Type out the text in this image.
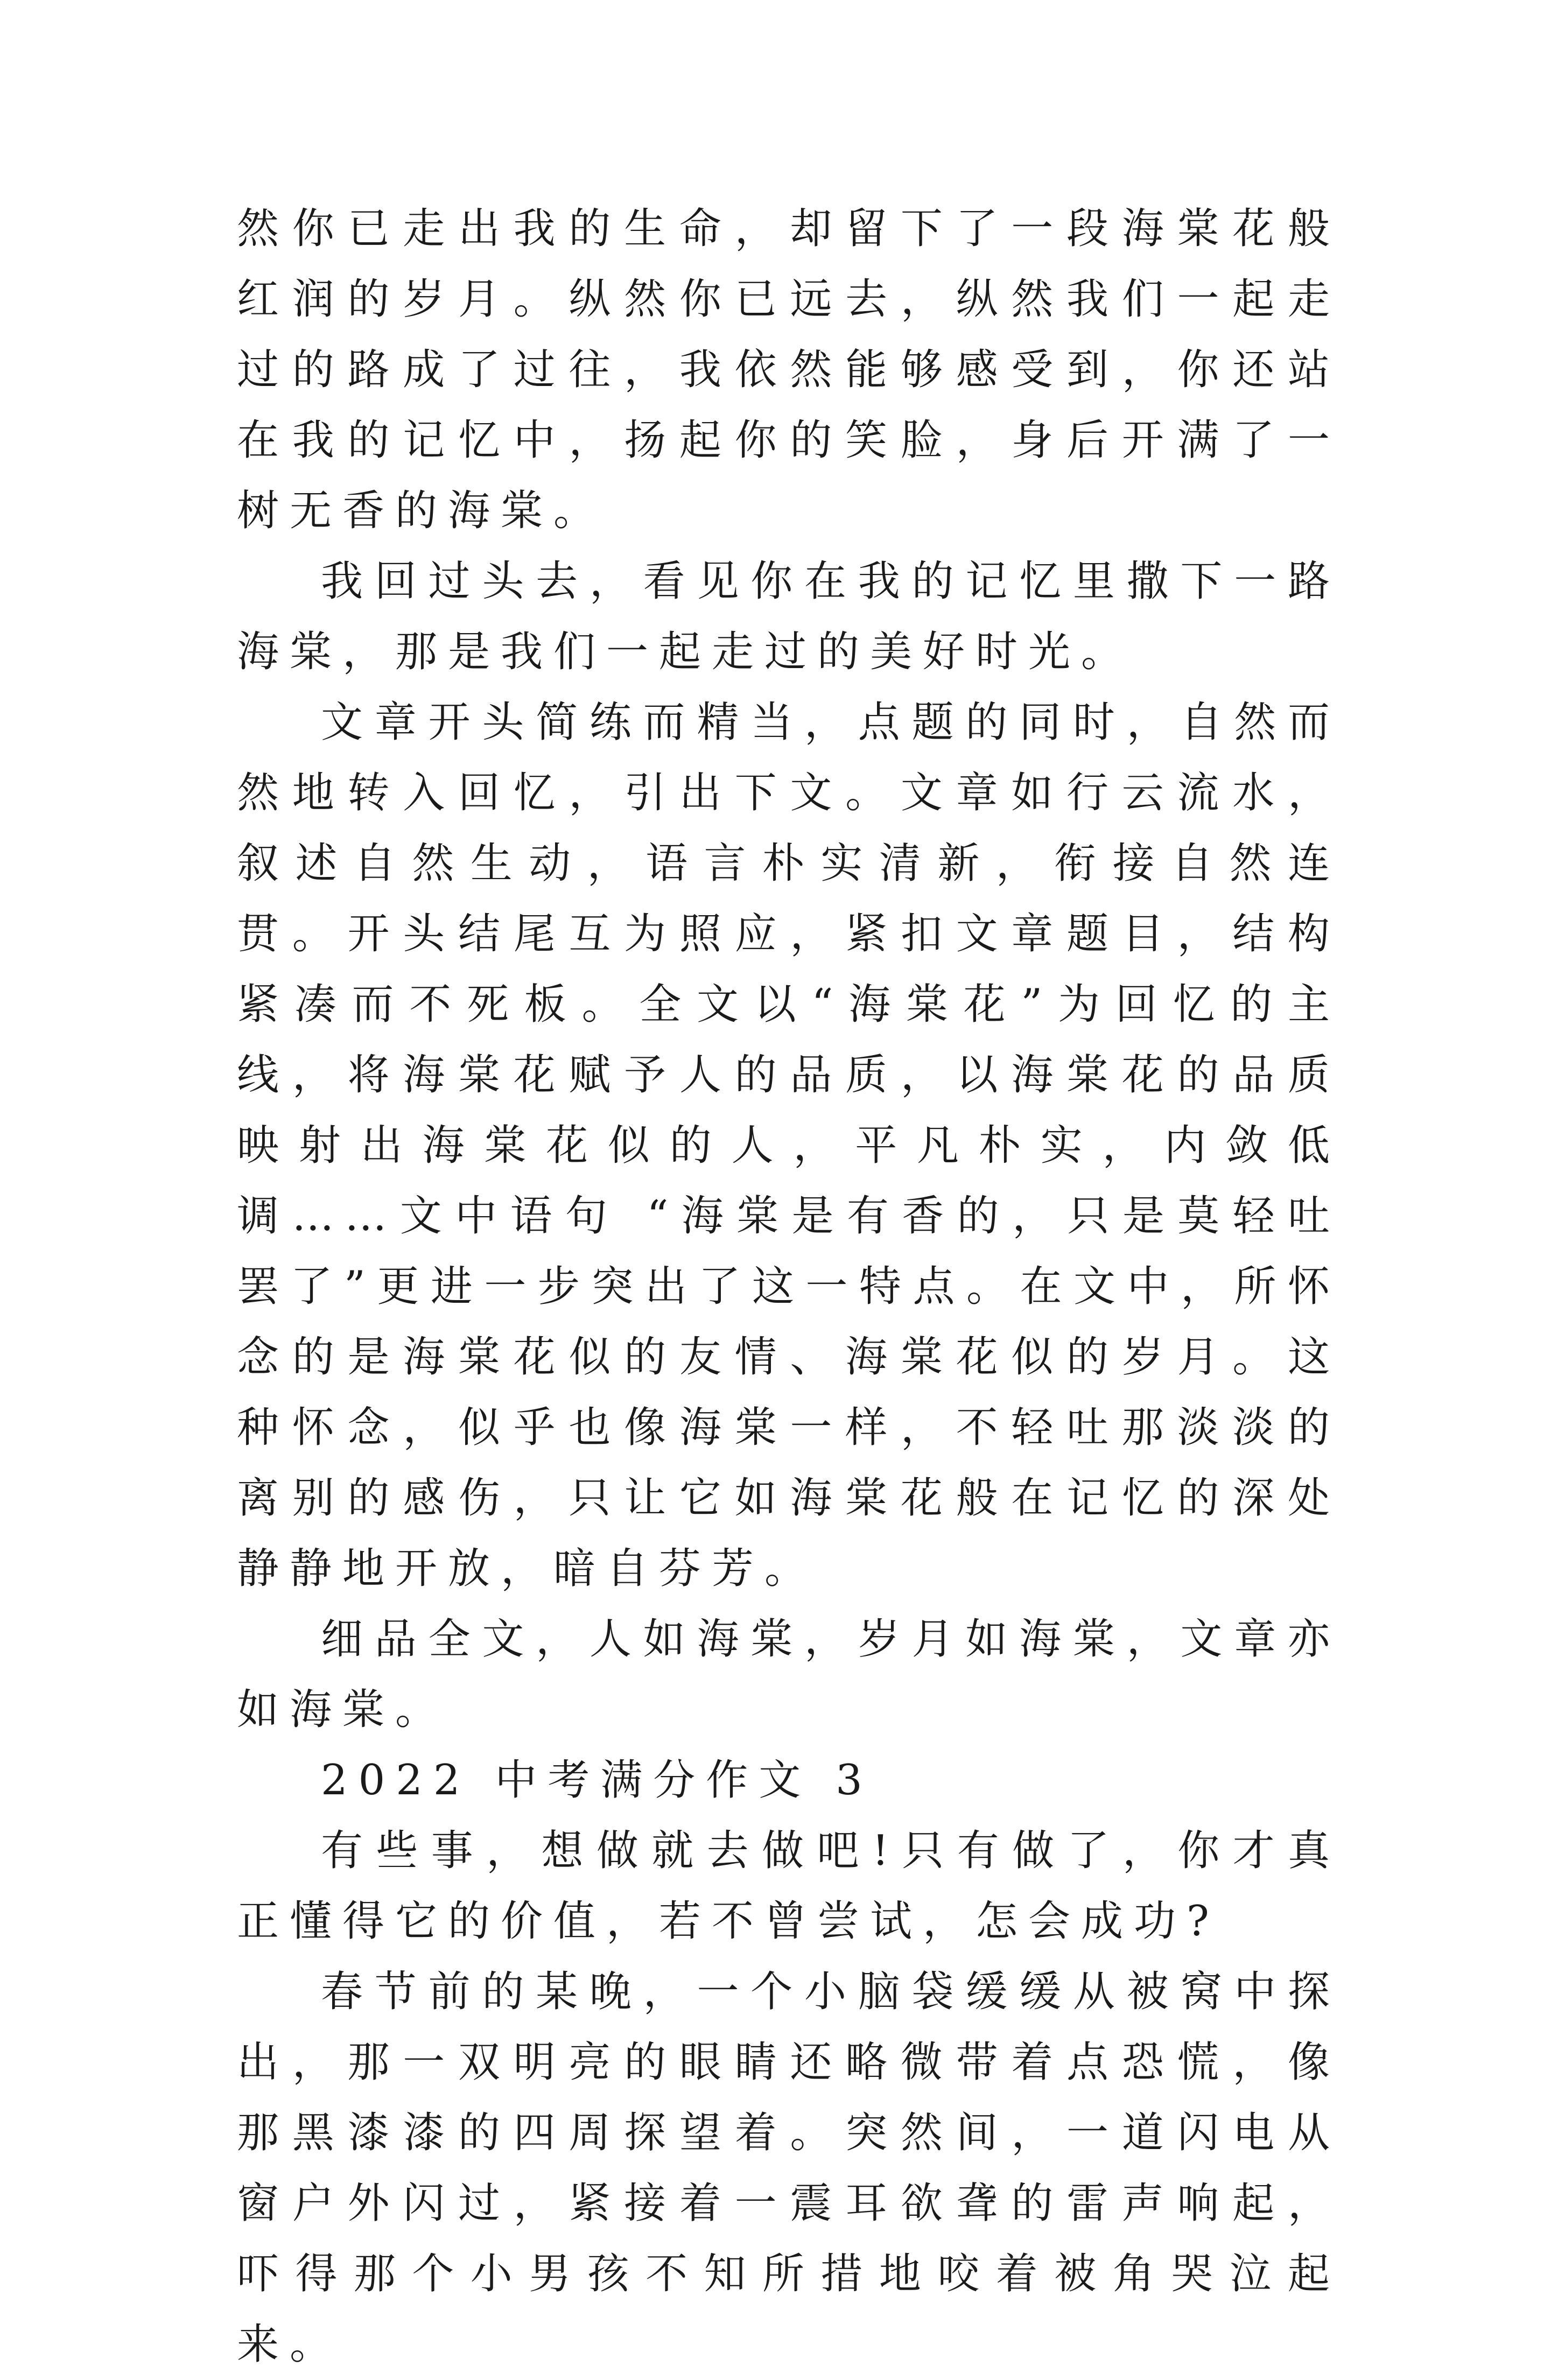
然你已走出我的生命，却留下了一段海棠花般红润的岁月。纵然你已远去，纵然我们一起走过的路成了过往，我依然能够感受到，你还站在我的记忆中，扬起你的笑脸，身后开满了一树无香的海棠。

我回过头去，看见你在我的记忆里撒下一路海棠，那是我们一起走过的美好时光。

文章开头简练而精当，点题的同时，自然而然地转入回忆，引出下文。文章如行云流水，叙述自然生动，语言朴实清新，衔接自然连贯。开头结尾互为照应，紧扣文章题目，结构紧凑而不死板。全文以“海棠花”为回忆的主线，将海棠花赋予人的品质，以海棠花的品质映射出海棠花似的人，平凡朴实，内敛低调……文中语句 “海棠是有香的，只是莫轻吐罢了”更进一步突出了这一特点。在文中，所怀念的是海棠花似的友情、海棠花似的岁月。这种怀念，似乎也像海棠一样，不轻吐那淡淡的离别的感伤，只让它如海棠花般在记忆的深处静静地开放，暗自芬芳。

细品全文，人如海棠，岁月如海棠，文章亦如海棠。

2022 中考满分作文 3

有些事，想做就去做吧!只有做了，你才真正懂得它的价值，若不曾尝试，怎会成功?

春节前的某晚，一个小脑袋缓缓从被窝中探出，那一双明亮的眼睛还略微带着点恐慌，像那黑漆漆的四周探望着。突然间，一道闪电从窗户外闪过，紧接着一震耳欲聋的雷声响起，吓得那个小男孩不知所措地咬着被角哭泣起来。
